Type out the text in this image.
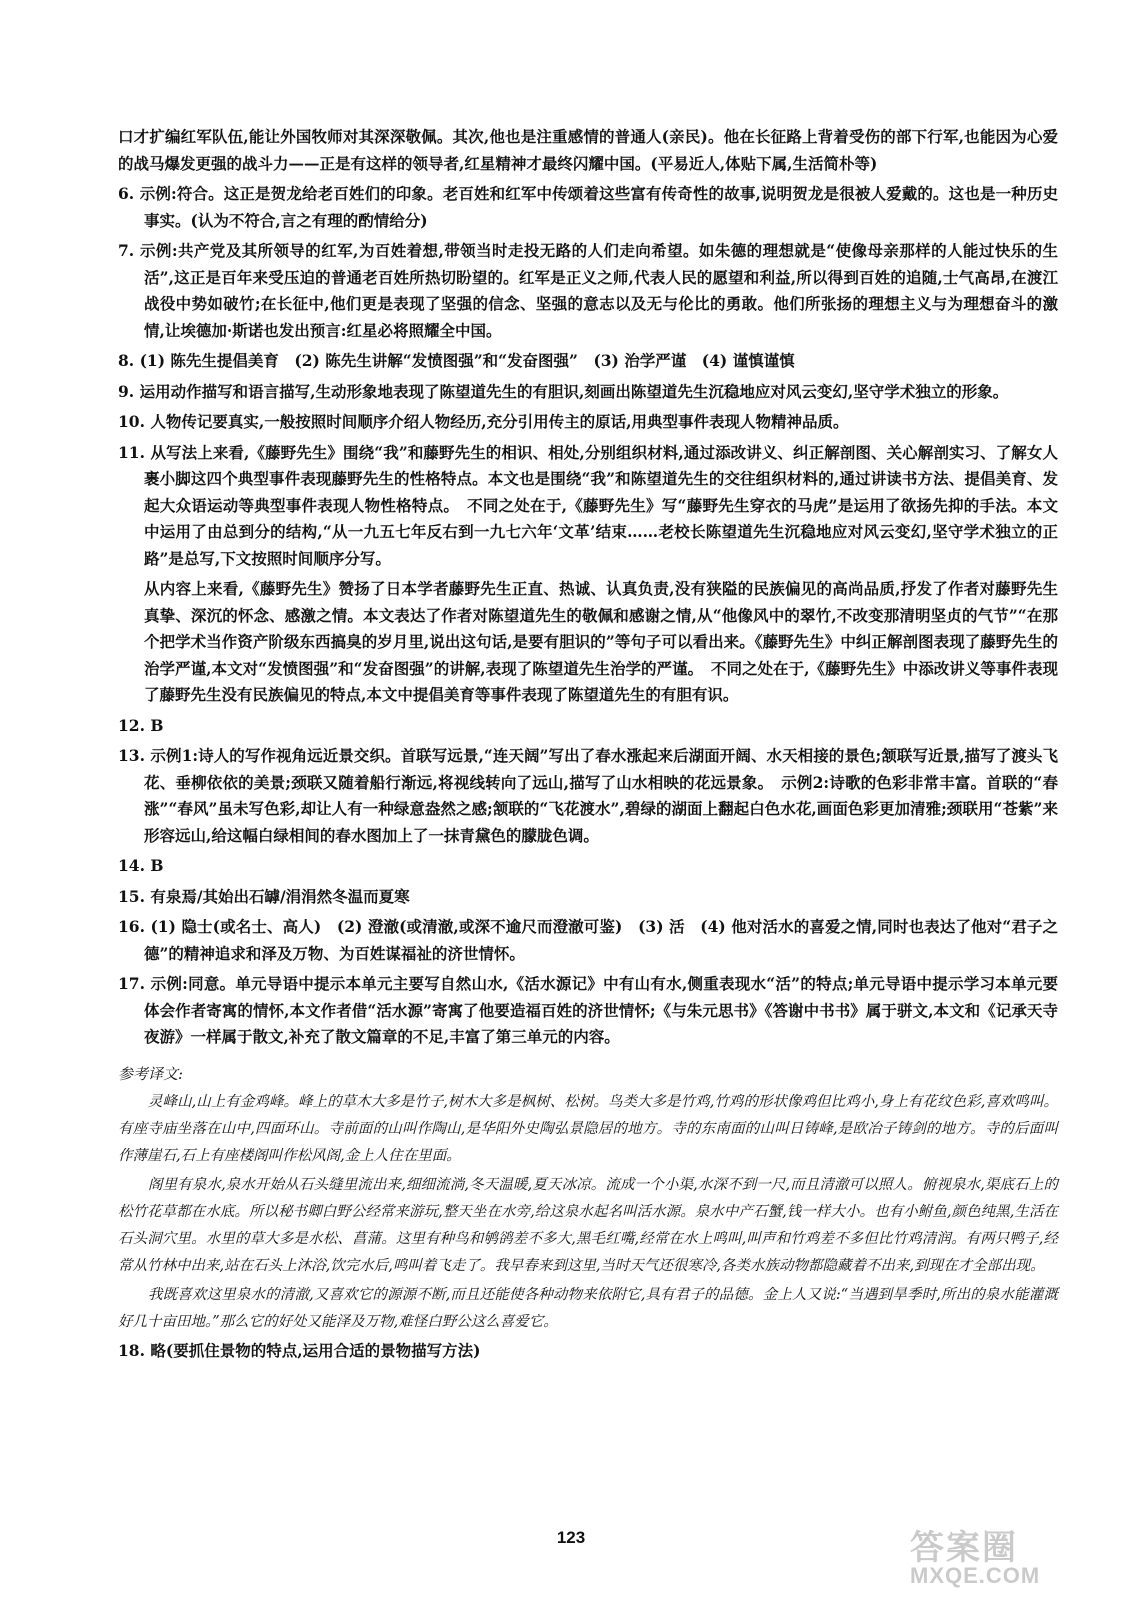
口才扩编红军队伍,能让外国牧师对其深深敬佩。其次,他也是注重感情的普通人(亲民)。他在长征路上背着受伤的部下行军,也能因为心爱的战马爆发更强的战斗力——正是有这样的领导者,红星精神才最终闪耀中国。(平易近人,体贴下属,生活简朴等)

6. 示例:符合。这正是贺龙给老百姓们的印象。老百姓和红军中传颂着这些富有传奇性的故事,说明贺龙是很被人爱戴的。这也是一种历史事实。(认为不符合,言之有理的酌情给分)

7. 示例:共产党及其所领导的红军,为百姓着想,带领当时走投无路的人们走向希望。如朱德的理想就是“使像母亲那样的人能过快乐的生活”,这正是百年来受压迫的普通老百姓所热切盼望的。红军是正义之师,代表人民的愿望和利益,所以得到百姓的追随,士气高昂,在渡江战役中势如破竹;在长征中,他们更是表现了坚强的信念、坚强的意志以及无与伦比的勇敢。他们所张扬的理想主义与为理想奋斗的激情,让埃德加·斯诺也发出预言:红星必将照耀全中国。

8. (1) 陈先生提倡美育　(2) 陈先生讲解“发愤图强”和“发奋图强”　(3) 治学严谨　(4) 谨慎谨慎

9. 运用动作描写和语言描写,生动形象地表现了陈望道先生的有胆识,刻画出陈望道先生沉稳地应对风云变幻,坚守学术独立的形象。

10. 人物传记要真实,一般按照时间顺序介绍人物经历,充分引用传主的原话,用典型事件表现人物精神品质。

11. 从写法上来看,《藤野先生》围绕“我”和藤野先生的相识、相处,分别组织材料,通过添改讲义、纠正解剖图、关心解剖实习、了解女人裹小脚这四个典型事件表现藤野先生的性格特点。本文也是围绕“我”和陈望道先生的交往组织材料的,通过讲读书方法、提倡美育、发起大众语运动等典型事件表现人物性格特点。　不同之处在于,《藤野先生》写“藤野先生穿衣的马虎”是运用了欲扬先抑的手法。本文中运用了由总到分的结构,“从一九五七年反右到一九七六年‘文革’结束……老校长陈望道先生沉稳地应对风云变幻,坚守学术独立的正路”是总写,下文按照时间顺序分写。

从内容上来看,《藤野先生》赞扬了日本学者藤野先生正直、热诚、认真负责,没有狭隘的民族偏见的高尚品质,抒发了作者对藤野先生真挚、深沉的怀念、感激之情。本文表达了作者对陈望道先生的敬佩和感谢之情,从“他像风中的翠竹,不改变那清明坚贞的气节”“在那个把学术当作资产阶级东西搞臭的岁月里,说出这句话,是要有胆识的”等句子可以看出来。《藤野先生》中纠正解剖图表现了藤野先生的治学严谨,本文对“发愤图强”和“发奋图强”的讲解,表现了陈望道先生治学的严谨。　不同之处在于,《藤野先生》中添改讲义等事件表现了藤野先生没有民族偏见的特点,本文中提倡美育等事件表现了陈望道先生的有胆有识。

12. B

13. 示例1:诗人的写作视角远近景交织。首联写远景,“连天阔”写出了春水涨起来后湖面开阔、水天相接的景色;颔联写近景,描写了渡头飞花、垂柳依依的美景;颈联又随着船行渐远,将视线转向了远山,描写了山水相映的花远景象。　示例2:诗歌的色彩非常丰富。首联的“春涨”“春风”虽未写色彩,却让人有一种绿意盎然之感;颔联的“飞花渡水”,碧绿的湖面上翻起白色水花,画面色彩更加清雅;颈联用“苍紫”来形容远山,给这幅白绿相间的春水图加上了一抹青黛色的朦胧色调。

14. B

15. 有泉焉/其始出石罅/涓涓然冬温而夏寒

16. (1) 隐士(或名士、高人)　(2) 澄澈(或清澈,或深不逾尺而澄澈可鉴)　(3) 活　(4) 他对活水的喜爱之情,同时也表达了他对“君子之德”的精神追求和泽及万物、为百姓谋福祉的济世情怀。

17. 示例:同意。单元导语中提示本单元主要写自然山水,《活水源记》中有山有水,侧重表现水“活”的特点;单元导语中提示学习本单元要体会作者寄寓的情怀,本文作者借“活水源”寄寓了他要造福百姓的济世情怀;《与朱元思书》《答谢中书书》属于骈文,本文和《记承天寺夜游》一样属于散文,补充了散文篇章的不足,丰富了第三单元的内容。

参考译文:

灵峰山,山上有金鸡峰。峰上的草木大多是竹子,树木大多是枫树、松树。鸟类大多是竹鸡,竹鸡的形状像鸡但比鸡小,身上有花纹色彩,喜欢鸣叫。有座寺庙坐落在山中,四面环山。寺前面的山叫作陶山,是华阳外史陶弘景隐居的地方。寺的东南面的山叫日铸峰,是欧冶子铸剑的地方。寺的后面叫作薄崖石,石上有座楼阁叫作松风阁,金上人住在里面。

阁里有泉水,泉水开始从石头缝里流出来,细细流淌,冬天温暖,夏天冰凉。流成一个小渠,水深不到一尺,而且清澈可以照人。俯视泉水,渠底石上的松竹花草都在水底。所以秘书卿白野公经常来游玩,整天坐在水旁,给这泉水起名叫活水源。泉水中产石蟹,钱一样大小。也有小鲋鱼,颜色纯黑,生活在石头洞穴里。水里的草大多是水松、菖蒲。这里有种鸟和鸲鹆差不多大,黑毛红嘴,经常在水上鸣叫,叫声和竹鸡差不多但比竹鸡清润。有两只鸭子,经常从竹林中出来,站在石头上沐浴,饮完水后,鸣叫着飞走了。我早春来到这里,当时天气还很寒冷,各类水族动物都隐藏着不出来,到现在才全部出现。

我既喜欢这里泉水的清澈,又喜欢它的源源不断,而且还能使各种动物来依附它,具有君子的品德。金上人又说:“当遇到旱季时,所出的泉水能灌溉好几十亩田地。”那么它的好处又能泽及万物,难怪白野公这么喜爱它。

18. 略(要抓住景物的特点,运用合适的景物描写方法)

123	答案圈
MXQE.COM
